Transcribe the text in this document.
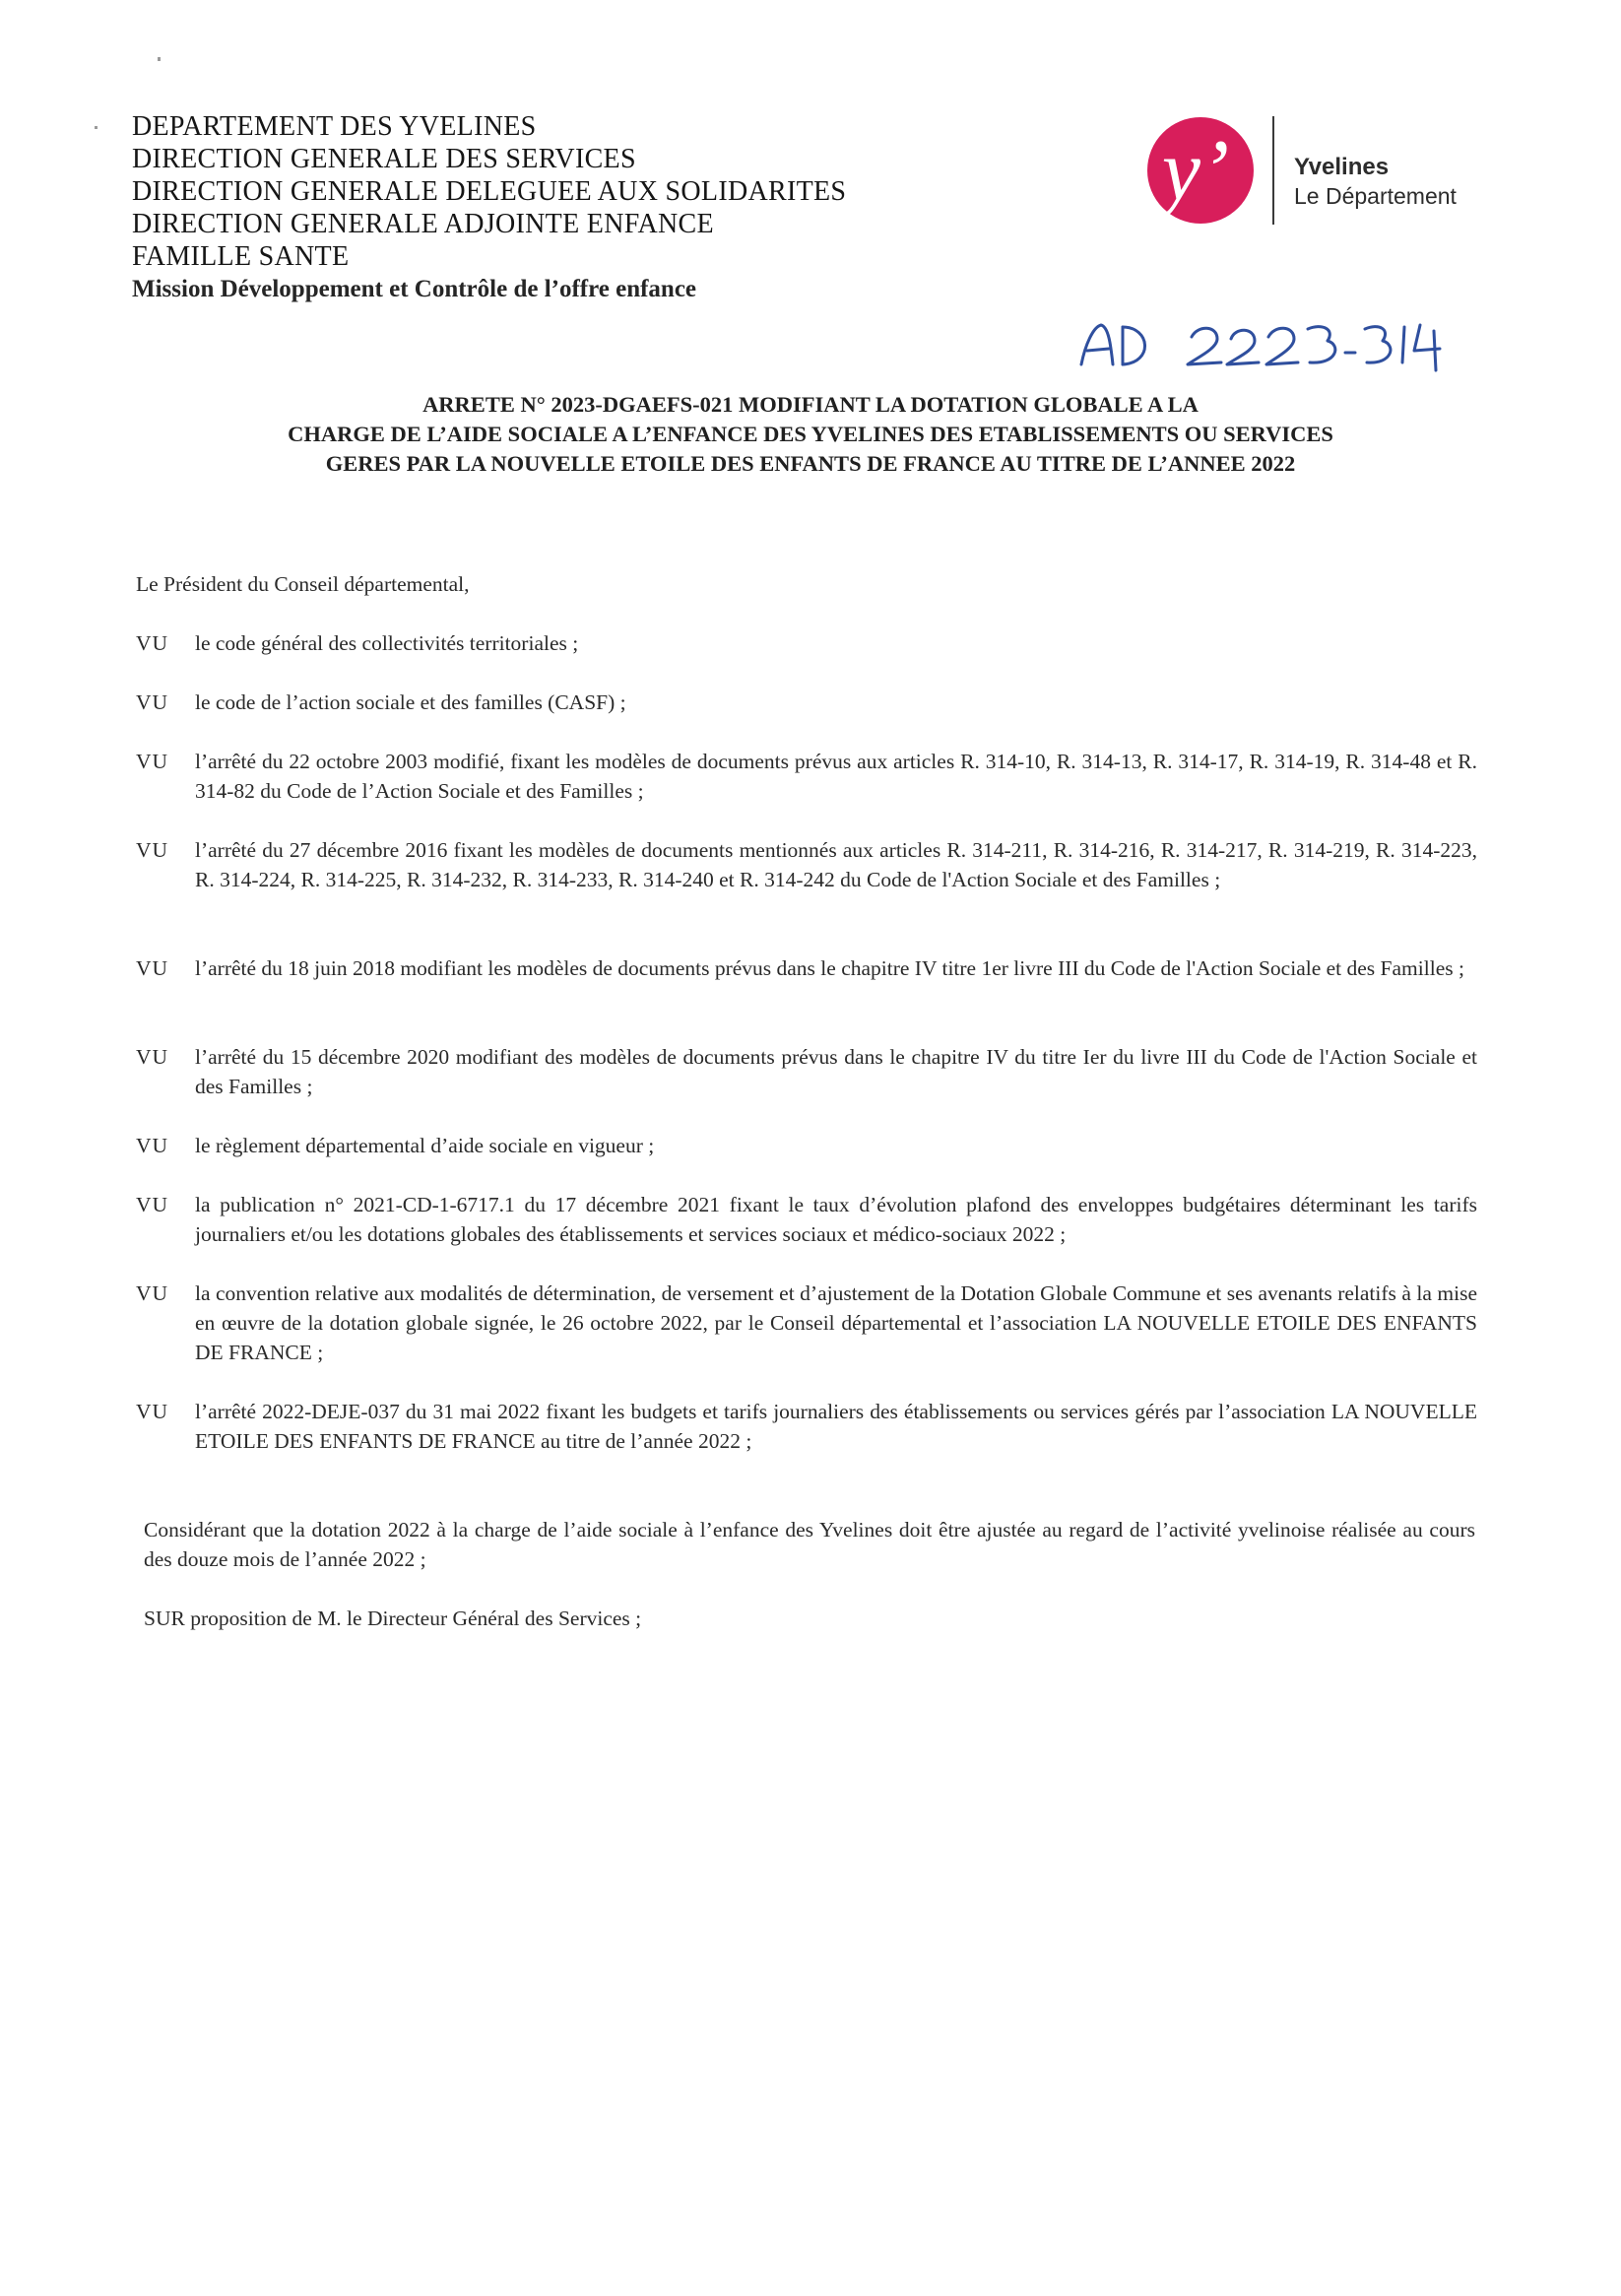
DEPARTEMENT DES YVELINES
DIRECTION GENERALE DES SERVICES
DIRECTION GENERALE DELEGUEE AUX SOLIDARITES
DIRECTION GENERALE ADJOINTE ENFANCE
FAMILLE SANTE
Mission Développement et Contrôle de l’offre enfance
y’	Yvelines
Le Département
ARRETE N° 2023-DGAEFS-021 MODIFIANT LA DOTATION GLOBALE A LA
CHARGE DE L’AIDE SOCIALE A L’ENFANCE DES YVELINES DES ETABLISSEMENTS OU SERVICES
GERES PAR LA NOUVELLE ETOILE DES ENFANTS DE FRANCE AU TITRE DE L’ANNEE 2022
Le Président du Conseil départemental,
VU	le code général des collectivités territoriales ;
VU	le code de l’action sociale et des familles (CASF) ;
VU	l’arrêté du 22 octobre 2003 modifié, fixant les modèles de documents prévus aux articles R. 314-10, R. 314-13, R. 314-17, R. 314-19, R. 314-48 et R. 314-82 du Code de l’Action Sociale et des Familles ;
VU	l’arrêté du 27 décembre 2016 fixant les modèles de documents mentionnés aux articles R. 314-211, R. 314-216, R. 314-217, R. 314-219, R. 314-223, R. 314-224, R. 314-225, R. 314-232, R. 314-233, R. 314-240 et R. 314-242 du Code de l'Action Sociale et des Familles ;
VU	l’arrêté du 18 juin 2018 modifiant les modèles de documents prévus dans le chapitre IV titre 1er livre III du Code de l'Action Sociale et des Familles ;
VU	l’arrêté du 15 décembre 2020 modifiant des modèles de documents prévus dans le chapitre IV du titre Ier du livre III du Code de l'Action Sociale et des Familles ;
VU	le règlement départemental d’aide sociale en vigueur ;
VU	la publication n° 2021-CD-1-6717.1 du 17 décembre 2021 fixant le taux d’évolution plafond des enveloppes budgétaires déterminant les tarifs journaliers et/ou les dotations globales des établissements et services sociaux et médico-sociaux 2022 ;
VU	la convention relative aux modalités de détermination, de versement et d’ajustement de la Dotation Globale Commune et ses avenants relatifs à la mise en œuvre de la dotation globale signée, le 26 octobre 2022, par le Conseil départemental et l’association LA NOUVELLE ETOILE DES ENFANTS DE FRANCE ;
VU	l’arrêté 2022-DEJE-037 du 31 mai 2022 fixant les budgets et tarifs journaliers des établissements ou services gérés par l’association LA NOUVELLE ETOILE DES ENFANTS DE FRANCE au titre de l’année 2022 ;
Considérant que la dotation 2022 à la charge de l’aide sociale à l’enfance des Yvelines doit être ajustée au regard de l’activité yvelinoise réalisée au cours des douze mois de l’année 2022 ;
SUR proposition de M. le Directeur Général des Services ;
